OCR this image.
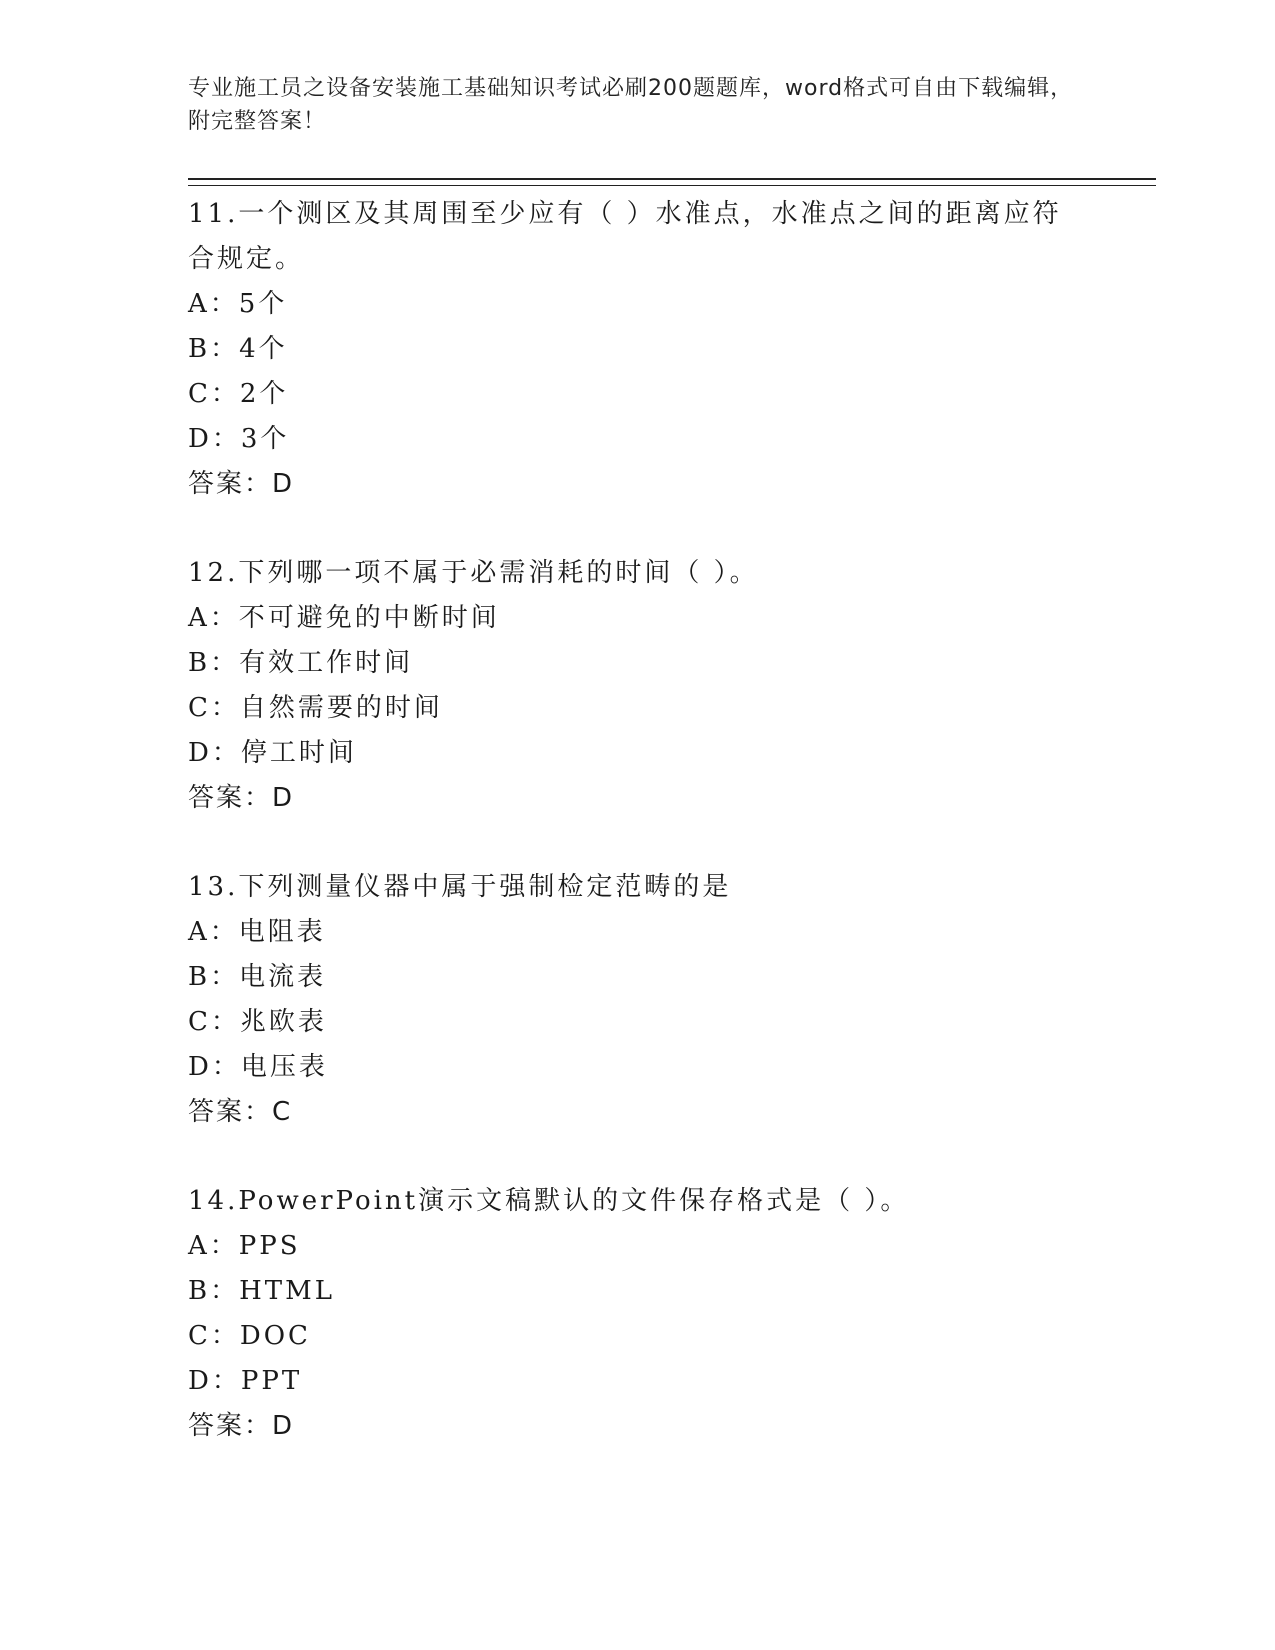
专业施工员之设备安装施工基础知识考试必刷200题题库，word格式可自由下载编辑，附完整答案！
11.一个测区及其周围至少应有（ ）水准点，水准点之间的距离应符合规定。
A：5个
B：4个
C：2个
D：3个
答案：D
12.下列哪一项不属于必需消耗的时间（ ）。
A：不可避免的中断时间
B：有效工作时间
C：自然需要的时间
D：停工时间
答案：D
13.下列测量仪器中属于强制检定范畴的是
A：电阻表
B：电流表
C：兆欧表
D：电压表
答案：C
14.PowerPoint演示文稿默认的文件保存格式是（ ）。
A：PPS
B：HTML
C：DOC
D：PPT
答案：D
